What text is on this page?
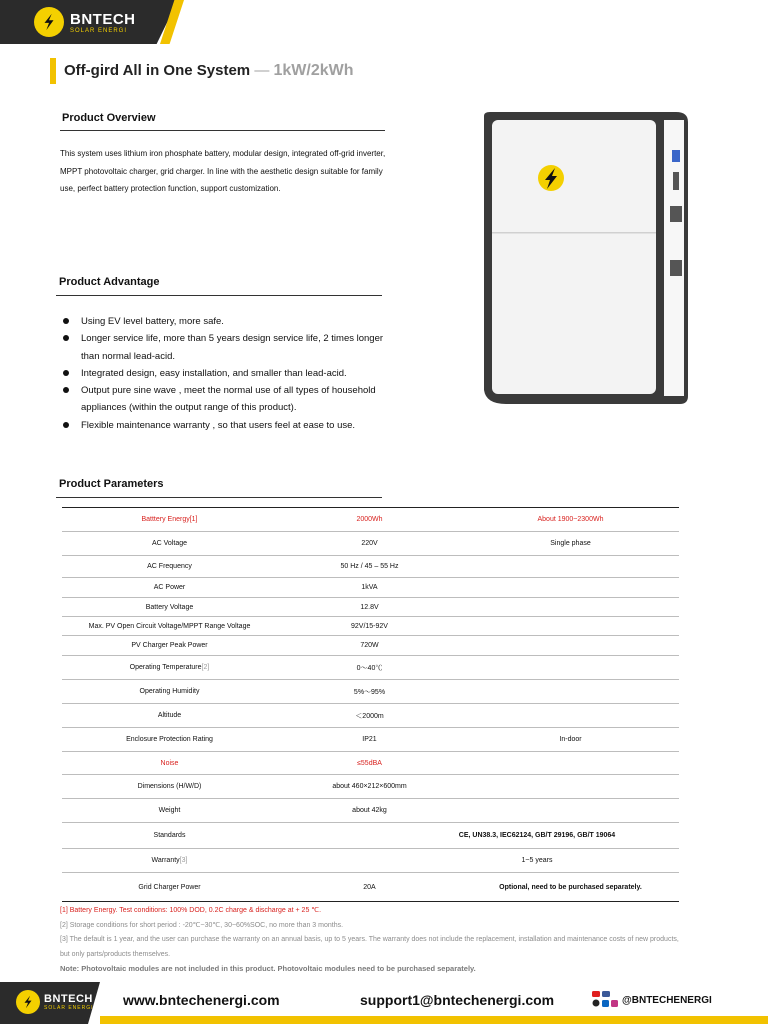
BNTECH
SOLAR ENERGI
Off-gird All in One System — 1kW/2kWh
Product Overview
This system uses lithium iron phosphate battery, modular design, integrated off-grid inverter, MPPT photovoltaic charger, grid charger. In line with the aesthetic design suitable for family use, perfect battery protection function, support customization.
Product Advantage
Using EV level battery, more safe.
Longer service life, more than 5 years design service life, 2 times longer than normal lead-acid.
Integrated design, easy installation, and smaller than lead-acid.
Output pure sine wave , meet the normal use of all types of household appliances (within the output range of this product).
Flexible maintenance warranty , so that users feel at ease to use.
Product Parameters
Batttery Energy[1]	2000Wh	About 1900~2300Wh
AC Voltage	220V	Single phase
AC Frequency	50 Hz / 45 – 55 Hz	
AC Power	1kVA	
Battery Voltage	12.8V	
Max. PV Open Circuit Voltage/MPPT Range Voltage	92V/15-92V	
PV Charger Peak Power	720W	
Operating Temperature[2]	0～40℃	
Operating Humidity	5%～95%	
Altitude	＜2000m	
Enclosure Protection Rating	IP21	In-door
Noise	≤55dBA	
Dimensions (H/W/D)	about 460×212×600mm	
Weight	about 42kg	
Standards	CE, UN38.3, IEC62124, GB/T 29196, GB/T 19064	
Warranty[3]	1~5 years	
Grid Charger Power	20A	Optional, need to be purchased separately.
[1] Battery Energy. Test conditions: 100% DOD, 0.2C charge & discharge at + 25 ℃.
[2] Storage conditions for short period : -20℃~30℃, 30~60%SOC, no more than 3 months.
[3] The default is 1 year, and the user can purchase the warranty on an annual basis, up to 5 years. The warranty does not include the replacement, installation and maintenance costs of new products, but only parts/products themselves.
Note: Photovoltaic modules are not included in this product. Photovoltaic modules need to be purchased separately.
BNTECH
SOLAR ENERGI www.bntechenergi.com	support1@bntechenergi.com	@BNTECHENERGI
